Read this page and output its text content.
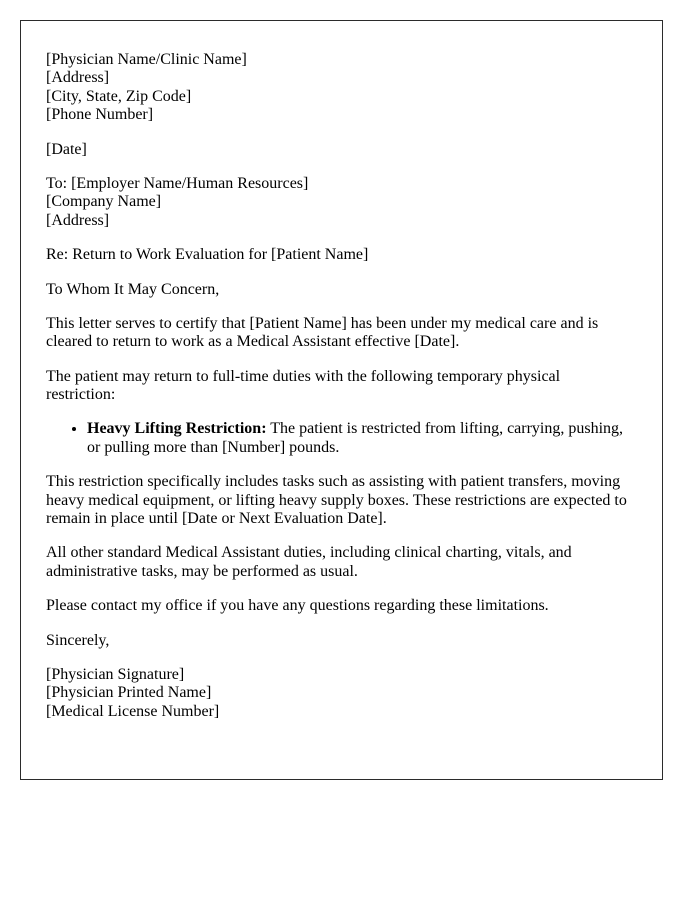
[Physician Name/Clinic Name]
[Address]
[City, State, Zip Code]
[Phone Number]

[Date]

To: [Employer Name/Human Resources]
[Company Name]
[Address]

Re: Return to Work Evaluation for [Patient Name]

To Whom It May Concern,

This letter serves to certify that [Patient Name] has been under my medical care and is cleared to return to work as a Medical Assistant effective [Date].

The patient may return to full-time duties with the following temporary physical restriction:

• Heavy Lifting Restriction: The patient is restricted from lifting, carrying, pushing, or pulling more than [Number] pounds.

This restriction specifically includes tasks such as assisting with patient transfers, moving heavy medical equipment, or lifting heavy supply boxes. These restrictions are expected to remain in place until [Date or Next Evaluation Date].

All other standard Medical Assistant duties, including clinical charting, vitals, and administrative tasks, may be performed as usual.

Please contact my office if you have any questions regarding these limitations.

Sincerely,

[Physician Signature]
[Physician Printed Name]
[Medical License Number]
